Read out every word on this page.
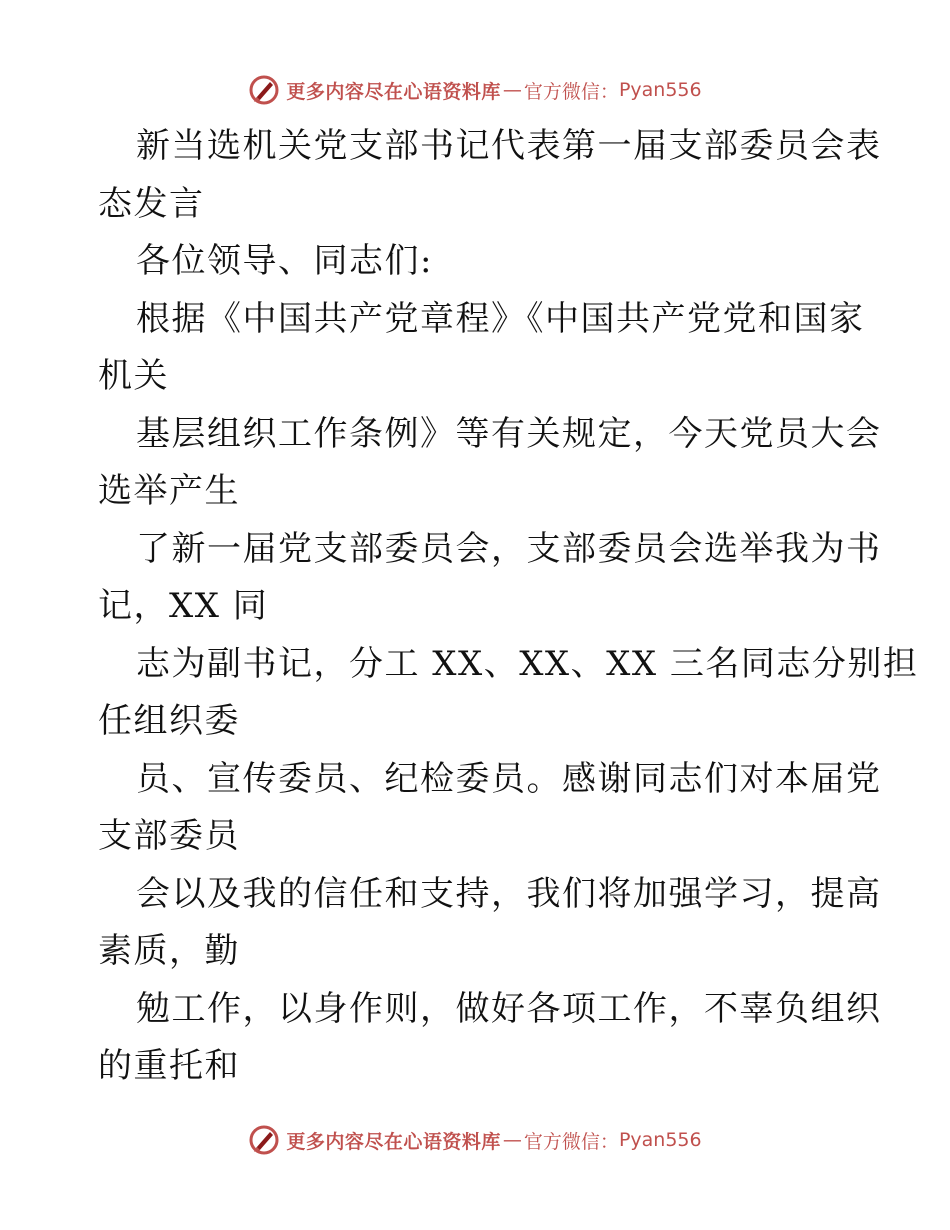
更多内容尽在心语资料库 — 官方微信： Pyan556
新当选机关党支部书记代表第一届支部委员会表
态发言
各位领导、同志们:
根据《中国共产党章程》《中国共产党党和国家
机关
基层组织工作条例》等有关规定，今天党员大会
选举产生
了新一届党支部委员会，支部委员会选举我为书
记，XX 同
志为副书记，分工 XX、XX、XX 三名同志分别担
任组织委
员、宣传委员、纪检委员。感谢同志们对本届党
支部委员
会以及我的信任和支持，我们将加强学习，提高
素质，勤
勉工作，以身作则，做好各项工作，不辜负组织
的重托和
更多内容尽在心语资料库 — 官方微信： Pyan556
